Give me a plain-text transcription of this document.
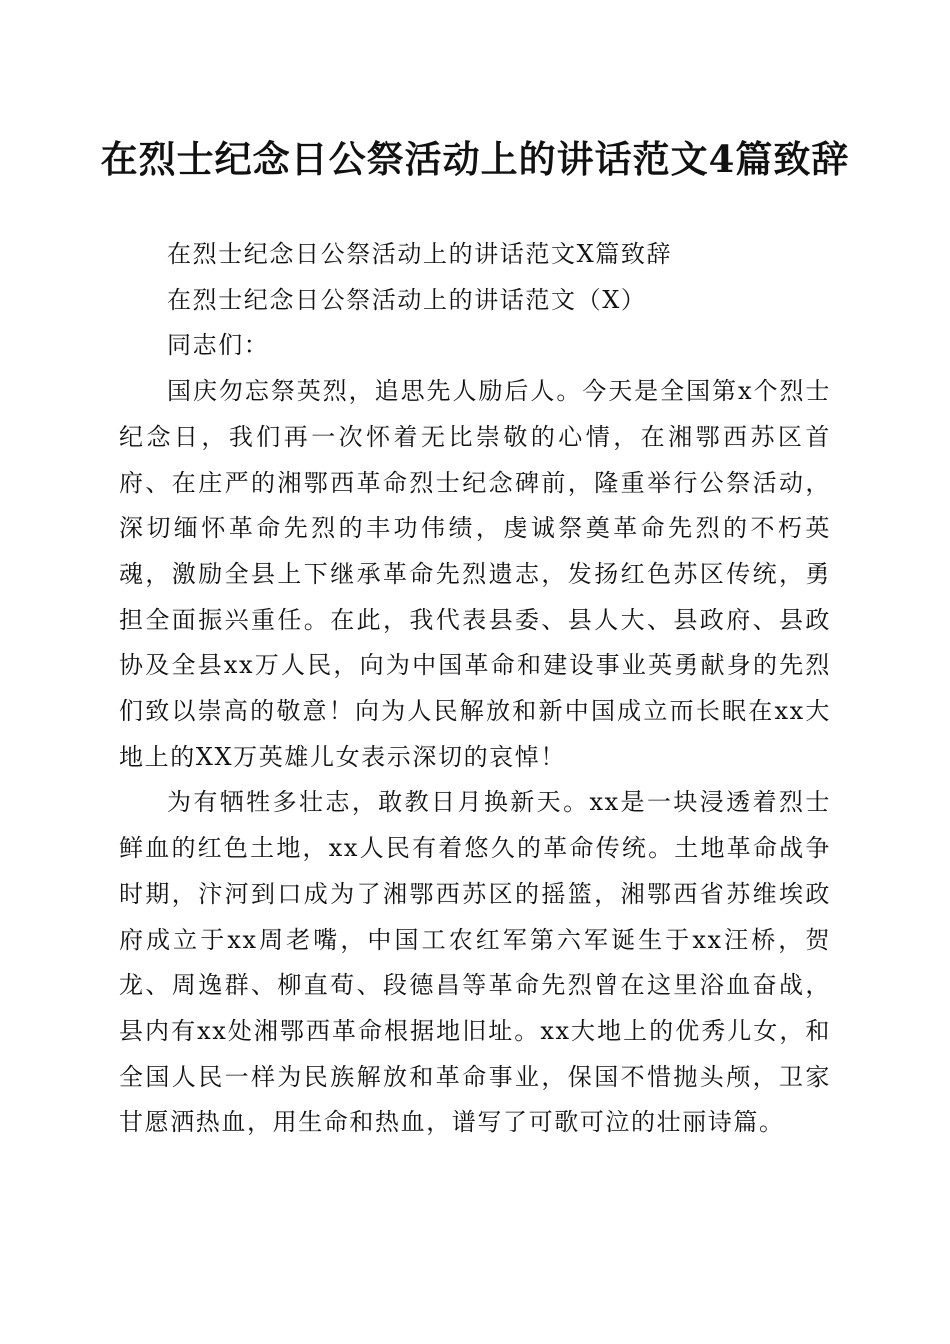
在烈士纪念日公祭活动上的讲话范文4篇致辞

在烈士纪念日公祭活动上的讲话范文X篇致辞

在烈士纪念日公祭活动上的讲话范文（X）

同志们：

国庆勿忘祭英烈，追思先人励后人。今天是全国第x个烈士纪念日，我们再一次怀着无比崇敬的心情，在湘鄂西苏区首府、在庄严的湘鄂西革命烈士纪念碑前，隆重举行公祭活动，深切缅怀革命先烈的丰功伟绩，虔诚祭奠革命先烈的不朽英魂，激励全县上下继承革命先烈遗志，发扬红色苏区传统，勇担全面振兴重任。在此，我代表县委、县人大、县政府、县政协及全县xx万人民，向为中国革命和建设事业英勇献身的先烈们致以崇高的敬意！向为人民解放和新中国成立而长眠在xx大地上的XX万英雄儿女表示深切的哀悼！

为有牺牲多壮志，敢教日月换新天。xx是一块浸透着烈士鲜血的红色土地，xx人民有着悠久的革命传统。土地革命战争时期，汴河到口成为了湘鄂西苏区的摇篮，湘鄂西省苏维埃政府成立于xx周老嘴，中国工农红军第六军诞生于xx汪桥，贺龙、周逸群、柳直荀、段德昌等革命先烈曾在这里浴血奋战，县内有xx处湘鄂西革命根据地旧址。xx大地上的优秀儿女，和全国人民一样为民族解放和革命事业，保国不惜抛头颅，卫家甘愿洒热血，用生命和热血，谱写了可歌可泣的壮丽诗篇。
